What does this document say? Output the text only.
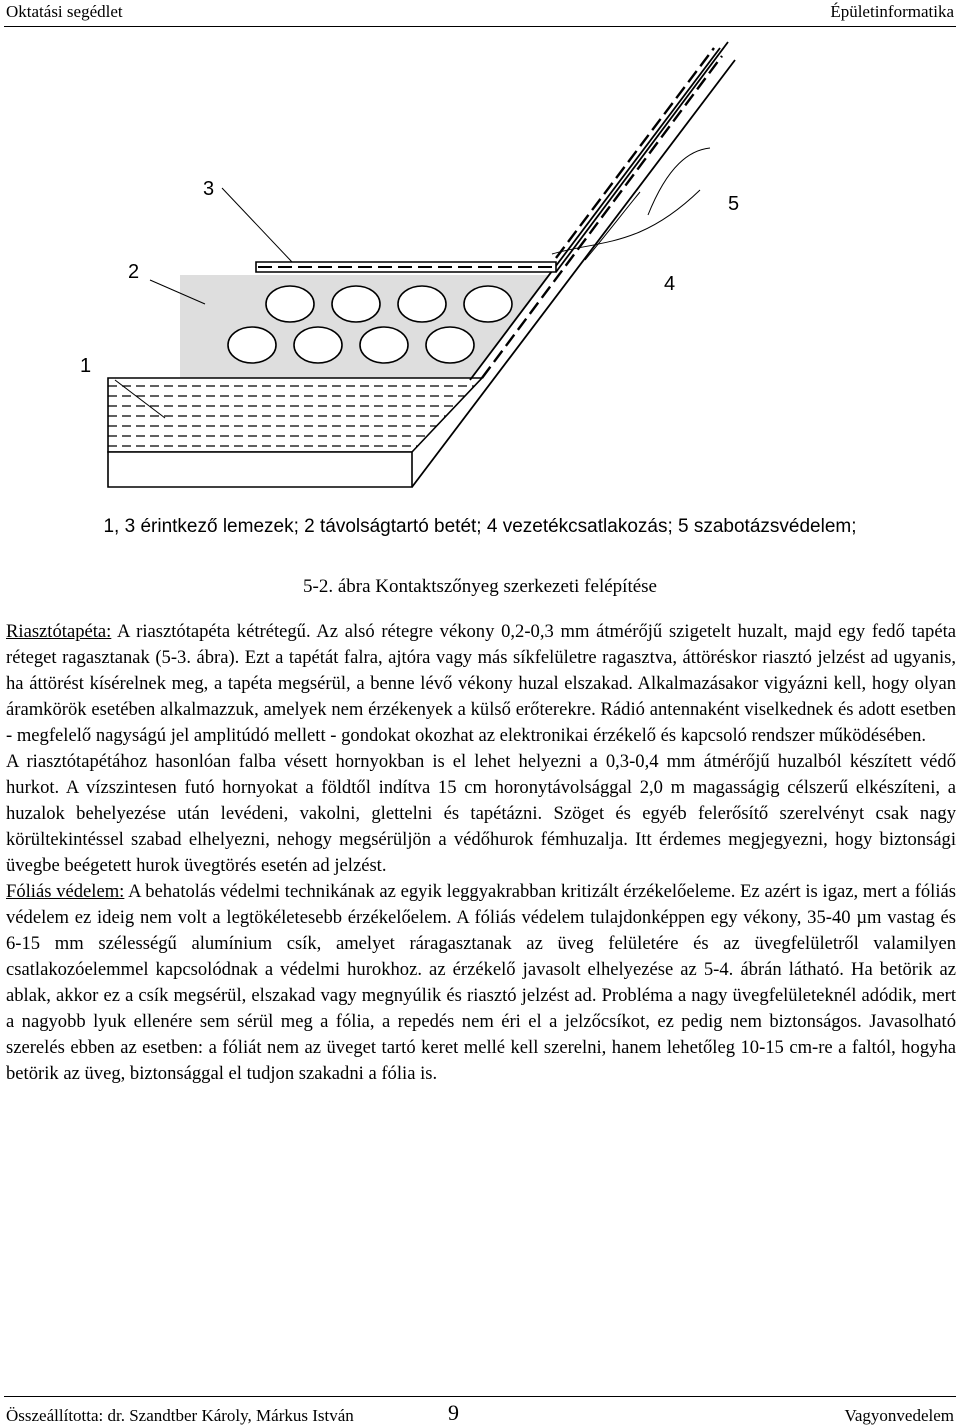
Oktatási segédlet	Épületinformatika
1
2
3
4
5
1, 3 érintkező lemezek; 2 távolságtartó betét; 4 vezetékcsatlakozás; 5 szabotázsvédelem;
5-2. ábra Kontaktszőnyeg szerkezeti felépítése

Riasztótapéta: A riasztótapéta kétrétegű. Az alsó rétegre vékony 0,2-0,3 mm átmérőjű szigetelt huzalt, majd egy fedő tapéta réteget ragasztanak (5-3. ábra). Ezt a tapétát falra, ajtóra vagy más síkfelületre ragasztva, áttöréskor riasztó jelzést ad ugyanis, ha áttörést kísérelnek meg, a tapéta megsérül, a benne lévő vékony huzal elszakad. Alkalmazásakor vigyázni kell, hogy olyan áramkörök esetében alkalmazzuk, amelyek nem érzékenyek a külső erőterekre. Rádió antennaként viselkednek és adott esetben - megfelelő nagyságú jel amplitúdó mellett - gondokat okozhat az elektronikai érzékelő és kapcsoló rendszer működésében.

A riasztótapétához hasonlóan falba vésett hornyokban is el lehet helyezni a 0,3-0,4 mm átmérőjű huzalból készített védő hurkot. A vízszintesen futó hornyokat a földtől indítva 15 cm horonytávolsággal 2,0 m magasságig célszerű elkészíteni, a huzalok behelyezése után levédeni, vakolni, glettelni és tapétázni. Szöget és egyéb felerősítő szerelvényt csak nagy körültekintéssel szabad elhelyezni, nehogy megsérüljön a védőhurok fémhuzalja. Itt érdemes megjegyezni, hogy biztonsági üvegbe beégetett hurok üvegtörés esetén ad jelzést.

Fóliás védelem: A behatolás védelmi technikának az egyik leggyakrabban kritizált érzékelőeleme. Ez azért is igaz, mert a fóliás védelem ez ideig nem volt a legtökéletesebb érzékelőelem. A fóliás védelem tulajdonképpen egy vékony, 35-40 µm vastag és 6-15 mm szélességű alumínium csík, amelyet ráragasztanak az üveg felületére és az üvegfelületről valamilyen csatlakozóelemmel kapcsolódnak a védelmi hurokhoz. az érzékelő javasolt elhelyezése az 5-4. ábrán látható. Ha betörik az ablak, akkor ez a csík megsérül, elszakad vagy megnyúlik és riasztó jelzést ad. Probléma a nagy üvegfelületeknél adódik, mert a nagyobb lyuk ellenére sem sérül meg a fólia, a repedés nem éri el a jelzőcsíkot, ez pedig nem biztonságos. Javasolható szerelés ebben az esetben: a fóliát nem az üveget tartó keret mellé kell szerelni, hanem lehetőleg 10-15 cm-re a faltól, hogyha betörik az üveg, biztonsággal el tudjon szakadni a fólia is.

Összeállította: dr. Szandtber Károly, Márkus István	9	Vagyonvedelem
